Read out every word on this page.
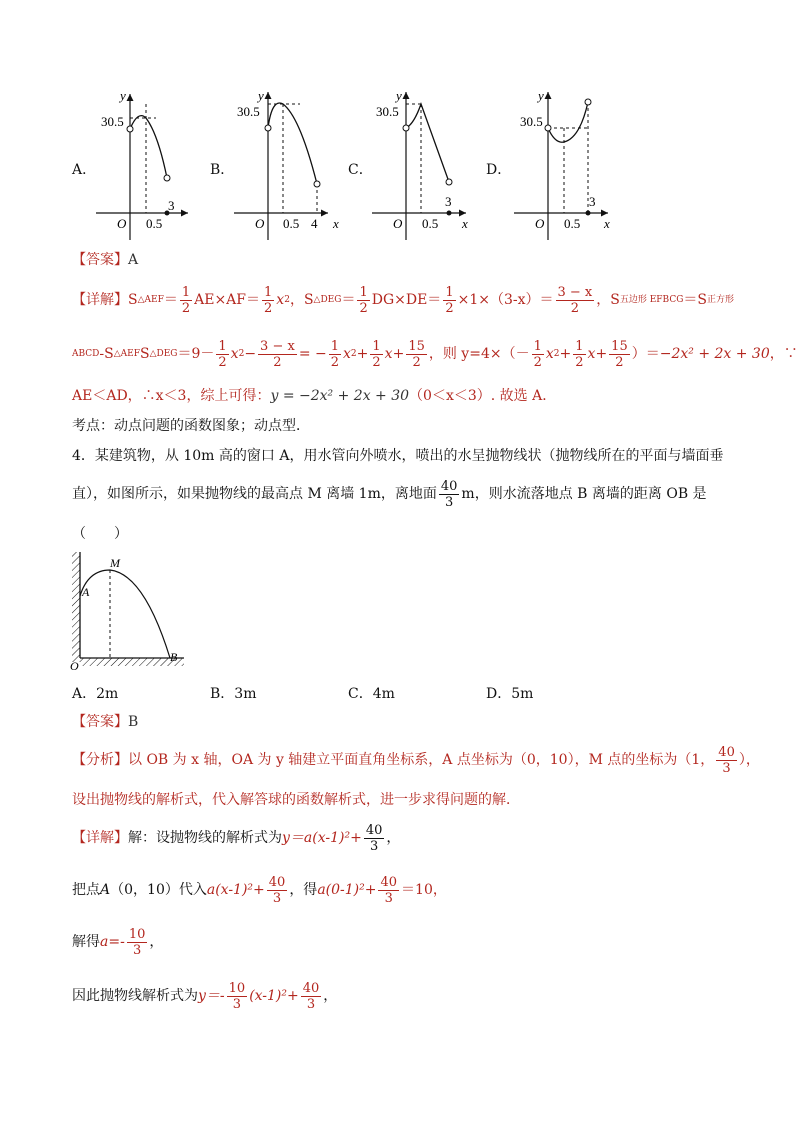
A．	B．	C．	D．
y
30.5
O 0.5
3
y
30.5
O 0.5 4 x
y
30.5
O 0.5
3
x
y
30.5
O 0.5
3
x
【答案】A
【详解】 S △AEF ＝ $\frac{1}{2} AE\times AF= \frac{1}{2}$ x 2 ， S △DEG ＝ $\frac{1}{2} DG\times DE= \frac{1}{2} \times 1\times(3-x)= \frac{3 - x}{2}$ ， S 五边形 EFBCG ＝ S 正方形
ABCD -S △AEF S △DEG $=9- \frac{1}{2}$ x $2 - \frac{3 - x}{2}$ = − $\frac{1}{2}$ x $2 + \frac{1}{2}$ $x + \frac{15}{2}$ ，则 $y=4\times(- \frac{1}{2}$ x $2 + \frac{1}{2}$ $x + \frac{15}{2}$ ）＝ −2x² + 2x + 30 ，∵
AE＜AD，∴x＜3，综上可得：y = −2x² + 2x + 30（0＜x＜3）. 故选 A．
考点：动点问题的函数图象；动点型．
4．某建筑物，从 10m 高的窗口 A，用水管向外喷水，喷出的水呈抛物线状（抛物线所在的平面与墙面垂
直），如图所示，如果抛物线的最高点 M 离墙 1m，离地面 $\frac{40}{3}$ m，则水流落地点 B 离墙的距离 OB 是
（　　）
M
A
O
B
A．2m	B．3m	C．4m	D．5m
【答案】B
【分析】 以 OB 为 x 轴，OA 为 y 轴建立平面直角坐标系，A 点坐标为（0，10），M 点的坐标为（1， $\frac{40}{3}$ ），
设出抛物线的解析式，代入解答球的函数解析式，进一步求得问题的解．
【详解】 解：设抛物线的解析式为 $y=a(x-1)^2+ \frac{40}{3}$ ，
把点 A （0，10）代入 $a(x-1)^2+ \frac{40}{3}$ ，得 $a(0-1)^2+ \frac{40}{3} =10$，
解得 $a=- \frac{10}{3}$ ，
因此抛物线解析式为 $y=- \frac{10}{3} (x-1)^2+ \frac{40}{3}$ ，
